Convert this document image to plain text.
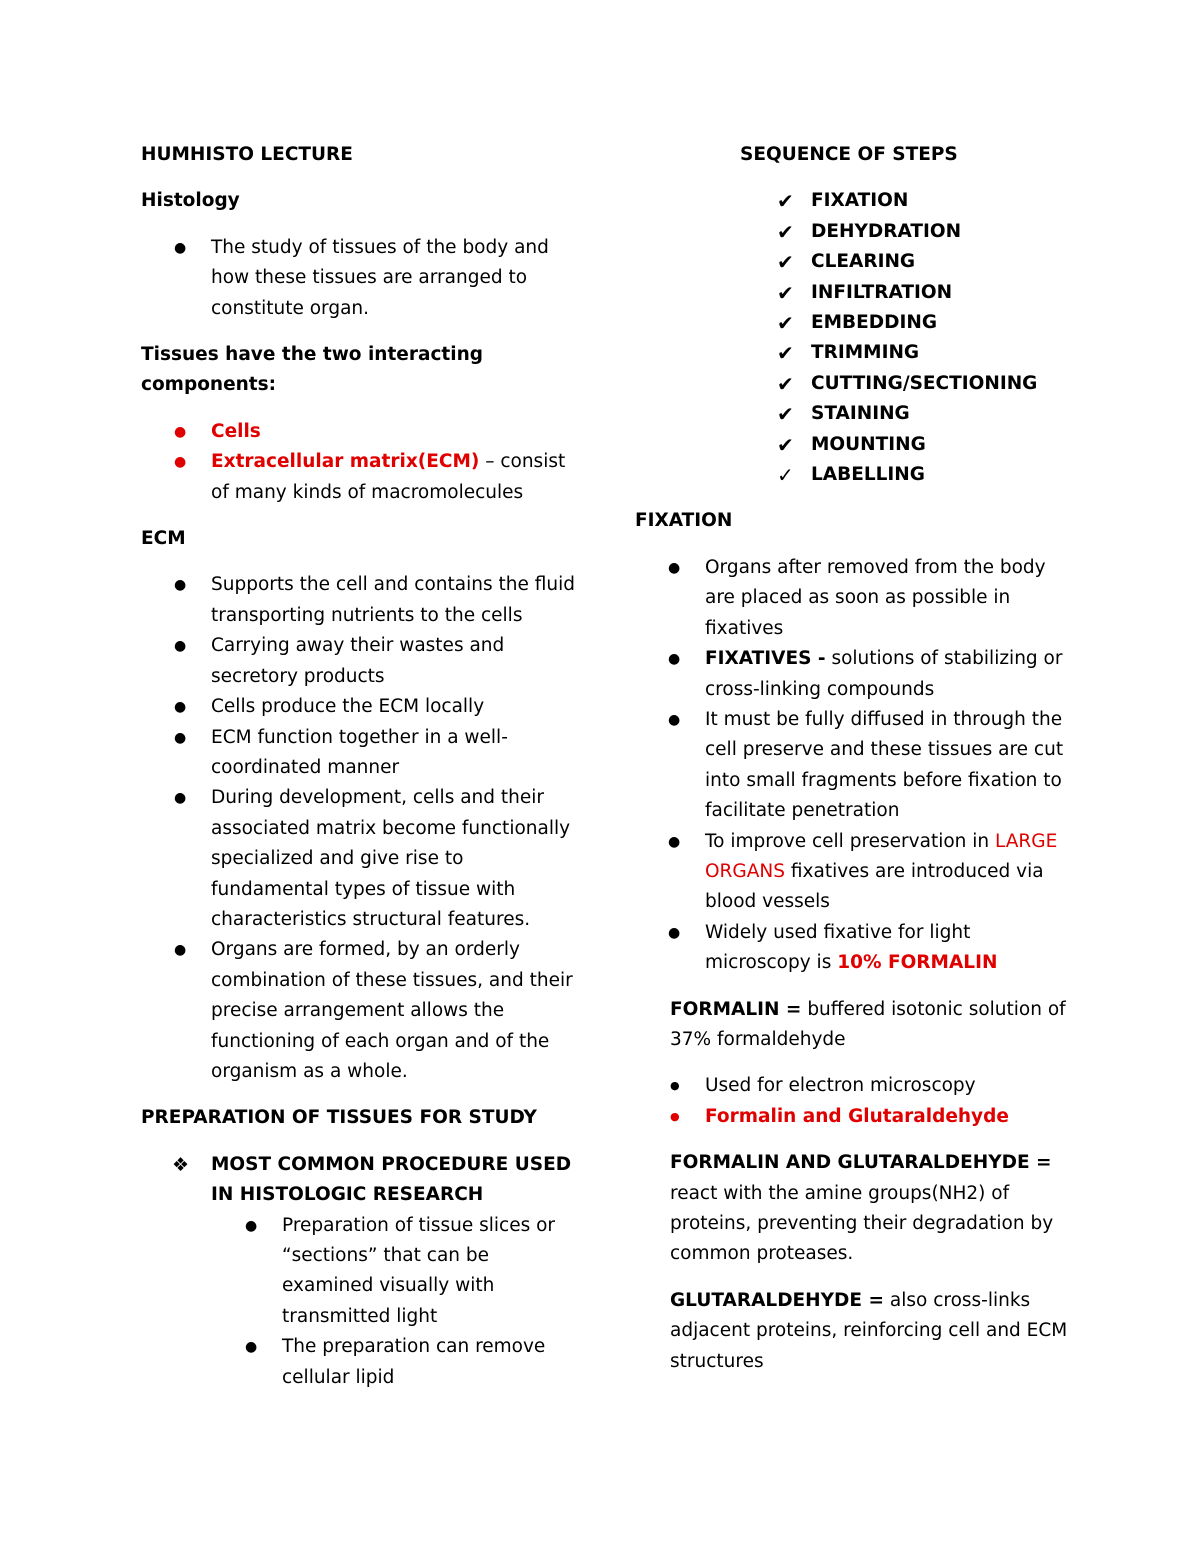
HUMHISTO LECTURE

Histology

● The study of tissues of the body and how these tissues are arranged to constitute organ.

Tissues have the two interacting components:

● Cells
● Extracellular matrix(ECM) – consist of many kinds of macromolecules

ECM

● Supports the cell and contains the fluid transporting nutrients to the cells
● Carrying away their wastes and secretory products
● Cells produce the ECM locally
● ECM function together in a well-coordinated manner
● During development, cells and their associated matrix become functionally specialized and give rise to fundamental types of tissue with characteristics structural features.
● Organs are formed, by an orderly combination of these tissues, and their precise arrangement allows the functioning of each organ and of the organism as a whole.

PREPARATION OF TISSUES FOR STUDY

❖ MOST COMMON PROCEDURE USED IN HISTOLOGIC RESEARCH
● Preparation of tissue slices or “sections” that can be examined visually with transmitted light
● The preparation can remove cellular lipid

SEQUENCE OF STEPS

✔ FIXATION
✔ DEHYDRATION
✔ CLEARING
✔ INFILTRATION
✔ EMBEDDING
✔ TRIMMING
✔ CUTTING/SECTIONING
✔ STAINING
✔ MOUNTING
✓ LABELLING

FIXATION

● Organs after removed from the body are placed as soon as possible in fixatives
● FIXATIVES - solutions of stabilizing or cross-linking compounds
● It must be fully diffused in through the cell preserve and these tissues are cut into small fragments before fixation to facilitate penetration
● To improve cell preservation in LARGE ORGANS fixatives are introduced via blood vessels
● Widely used fixative for light microscopy is 10% FORMALIN

FORMALIN = buffered isotonic solution of 37% formaldehyde

● Used for electron microscopy
● Formalin and Glutaraldehyde

FORMALIN AND GLUTARALDEHYDE = react with the amine groups(NH2) of proteins, preventing their degradation by common proteases.

GLUTARALDEHYDE = also cross-links adjacent proteins, reinforcing cell and ECM structures
